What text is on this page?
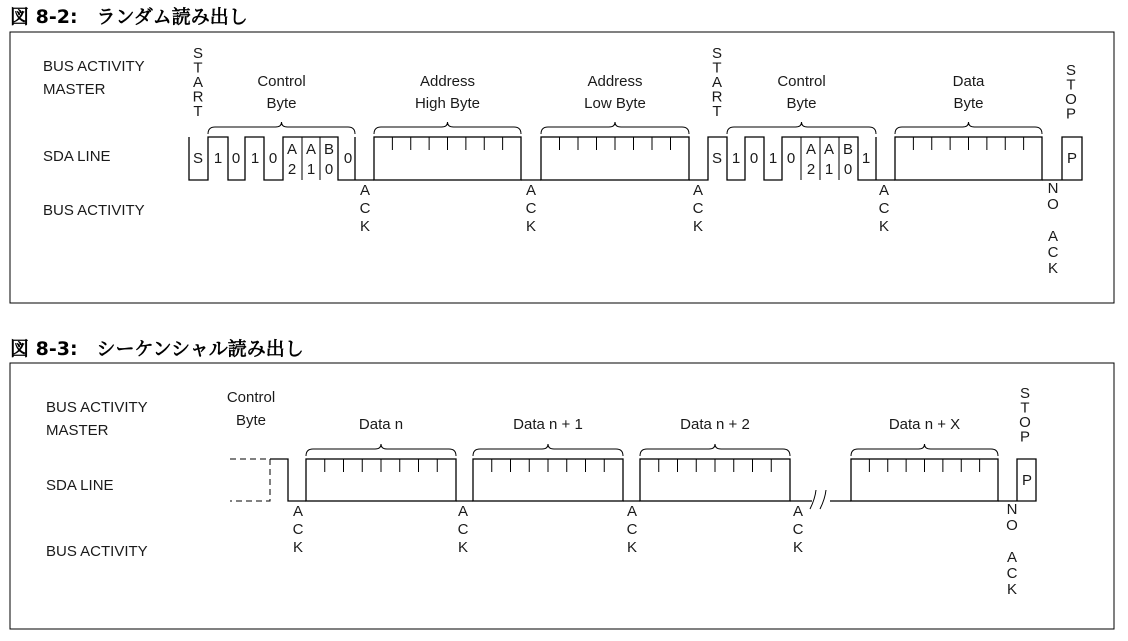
図 8-2:　ランダム読み出し
BUS ACTIVITY
MASTER
SDA LINE
BUS ACTIVITY
S 1 0 1 0
A
2
A
1
B
0
0	S 1 0 1 0
A
2
A
1
B
0
1	P
Control
Byte
Address
High Byte
Address
Low Byte
Control
Byte
Data
Byte
S
T
A
R
T
S
T
A
R
T
S
T
O
P
A
C
K
A
C
K
A
C
K
A
C
K
N
O
A
C
K
図 8-3:　シーケンシャル読み出し
BUS ACTIVITY
MASTER
SDA LINE
BUS ACTIVITY
P
Control
Byte	Data n	Data n + 1	Data n + 2	Data n + X
S
T
O
P
A
C
K
A
C
K
A
C
K
A
C
K
N
O
A
C
K
